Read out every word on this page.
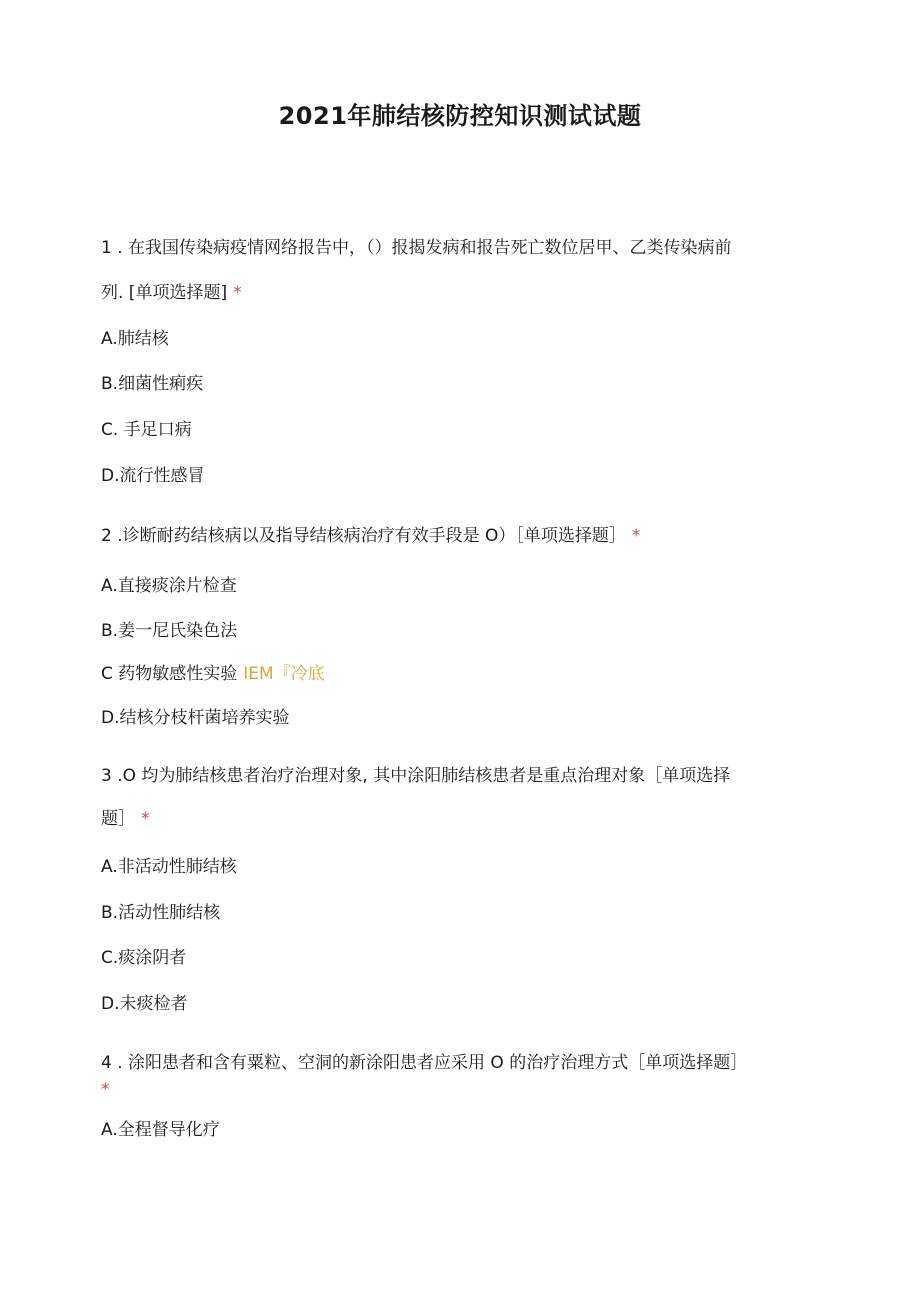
2021年肺结核防控知识测试试题
1 . 在我国传染病疫情网络报告中，（）报揭发病和报告死亡数位居甲、乙类传染病前
列. [单项选择题] *
A.肺结核
B.细菌性痢疾
C. 手足口病
D.流行性感冒
2 .诊断耐药结核病以及指导结核病治疗有效手段是 O）［单项选择题］ *
A.直接痰涂片检查
B.姜一尼氏染色法
C 药物敏感性实验 IEM『冷底
D.结核分枝杆菌培养实验
3 .O 均为肺结核患者治疗治理对象, 其中涂阳肺结核患者是重点治理对象［单项选择
题］ *
A.非活动性肺结核
B.活动性肺结核
C.痰涂阴者
D.未痰检者
4 . 涂阳患者和含有粟粒、空洞的新涂阳患者应采用 O 的治疗治理方式［单项选择题］
*
A.全程督导化疗
